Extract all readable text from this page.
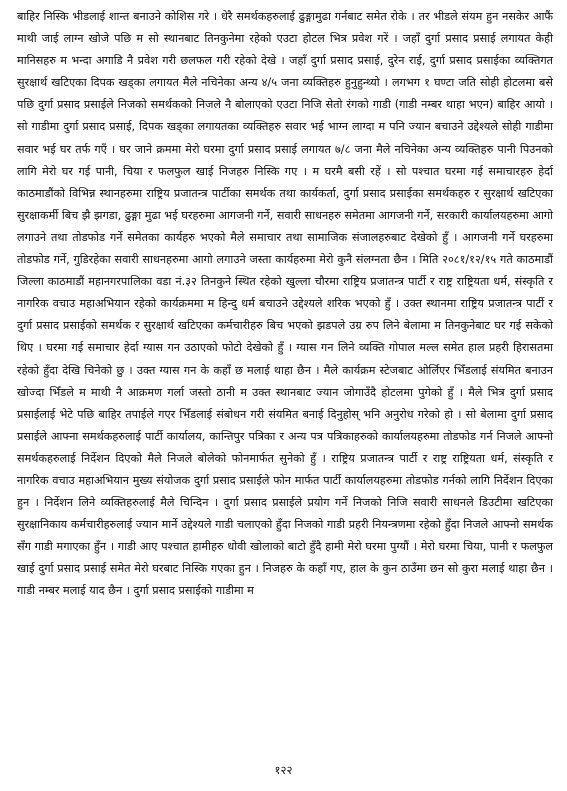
बाहिर निस्कि भीडलाई शान्त बनाउने कोशिस गरे । धेरै समर्थकहरुलाई ढुङ्गामुढा गर्नबाट समेत रोके । तर भीडले संयम हुन नसकेर आफैं माथी जाई लाग्न खोजे पछि म सो स्थानबाट तिनकुनेमा रहेको एउटा होटल भित्र प्रवेश गरें । जहाँ दुर्गा प्रसाद प्रसाई लगायत केही मानिसहरु म भन्दा अगाडि नै प्रवेश गरी छलफल गरी रहेको देखे । जहाँ दुर्गा प्रसाद प्रसाई, दुरेन राई, दुर्गा प्रसाद प्रसाईका व्यक्तिगत सुरक्षार्थ खटिएका दिपक खड्का लगायत मैले नचिनेका अन्य ४/५ जना व्यक्तिहरु हुनुहुन्थ्यो । लगभग १ घण्टा जति सोही होटलमा बसे पछि दुर्गा प्रसाद प्रसाईले निजको समर्थकको निजले नै बोलाएको एउटा निजि सेतो रंगको गाडी (गाडी नम्बर थाहा भएन) बाहिर आयो । सो गाडीमा दुर्गा प्रसाद प्रसाई, दिपक खड्का लगायतका व्यक्तिहरु सवार भई भाग्न लाग्दा म पनि ज्यान बचाउने उद्देश्यले सोही गाडीमा सवार भई घर तर्फ गएँ । घर जाने क्रममा मेरो घरमा दुर्गा प्रसाद प्रसाई लगायत ७/८ जना मैले नचिनेका अन्य व्यक्तिहरु पानी पिउनको लागि मेरो घर गई पानी, चिया र फलफुल खाई निजहरु निस्कि गए । म घरमै बसी रहें । सो पश्चात घरमा गई समाचारहरु हेर्दा काठमाडौंको विभिन्न स्थानहरुमा राष्ट्रिय प्रजातन्त्र पार्टीका समर्थक तथा कार्यकर्ता, दुर्गा प्रसाद प्रसाईका समर्थकहरु र सुरक्षार्थ खटिएका सुरक्षाकर्मी बिच झै झगडा, ढुङ्गा मुढा भई घरहरुमा आगजनी गर्ने, सवारी साधनहरु समेतमा आगजनी गर्ने, सरकारी कार्यालयहरुमा आगो लगाउने तथा तोडफोड गर्ने समेतका कार्यहरु भएको मैले समाचार तथा सामाजिक संजालहरुबाट देखेको हुँ । आगजनी गर्ने घरहरुमा तोडफोड गर्ने, गुडिरहेका सवारी साधनहरुमा आगो लगाउने जस्ता कार्यहरुमा मेरो कुनै संलग्नता छैन । मिति २०८१/१२/१५ गते काठमाडौं जिल्ला काठमाडौं महानगरपालिका वडा नं.३२ तिनकुने स्थित रहेको खुल्ला चौरमा राष्ट्रिय प्रजातन्त्र पार्टी र राष्ट्र राष्ट्रियता धर्म, संस्कृति र नागरिक वचाउ महाअभियान रहेको कार्यक्रममा म हिन्दु धर्म बचाउने उद्देश्यले शरिक भएको हुँ । उक्त स्थानमा राष्ट्रिय प्रजातन्त्र पार्टी र दुर्गा प्रसाद प्रसाईको समर्थक र सुरक्षार्थ खटिएका कर्मचारीहरु बिच भएको झडपले उग्र रुप लिने बेलामा म तिनकुनेबाट घर गई सकेको थिए । घरमा गई समाचार हेर्दा ग्यास गन उठाएको फोटो देखेको हुँ । ग्यास गन लिने व्यक्ति गोपाल मल्ल समेत हाल प्रहरी हिरासतमा रहेको हुँदा देखि चिनेको छु । उक्त ग्यास गन के कहाँ छ मलाई थाहा छैन । मैले कार्यक्रम स्टेजबाट ओर्लिएर भिँडलाई संयमित बनाउन खोज्दा भिँडले म माथी नै आक्रमण गर्ला जस्तो ठानी म उक्त स्थानबाट ज्यान जोगाउँदै होटलमा पुगेको हुँ । मैले भित्र दुर्गा प्रसाद प्रसाईलाई भेटे पछि बाहिर तपाईले गएर भिँडलाई संबोधन गरी संयमित बनाई दिनुहोस् भनि अनुरोध गरेको हो । सो बेलामा दुर्गा प्रसाद प्रसाईले आफ्ना समर्थकहरुलाई पार्टी कार्यालय, कान्तिपुर पत्रिका र अन्य पत्र पत्रिकाहरुको कार्यालयहरुमा तोडफोड गर्न निजले आफ्नो समर्थकहरुलाई निर्देशन दिएको मैले निजले बोलेको फोनमार्फत सुनेको हुँ । राष्ट्रिय प्रजातन्त्र पार्टी र राष्ट्र राष्ट्रियता धर्म, संस्कृति र नागरिक वचाउ महाअभियान मुख्य संयोजक दुर्गा प्रसाद प्रसाईले फोन मार्फत पार्टी कार्यालयहरुमा तोडफोड गर्नको लागि निर्देशन दिएका हुन । निर्देशन लिने व्यक्तिहरुलाई मैले चिन्दिन । दुर्गा प्रसाद प्रसाईले प्रयोग गर्ने निजको निजि सवारी साधनले डिउटीमा खटिएका सुरक्षानिकाय कर्मचारीहरुलाई ज्यान मार्ने उद्देश्यले गाडी चलाएको हुँदा निजको गाडी प्रहरी नियन्त्रणमा रहेको हुँदा निजले आफ्नो समर्थक सँग गाडी मगाएका हुँन । गाडी आए पश्चात हामीहरु धोवी खोलाको बाटो हुँदै हामी मेरो घरमा पुग्यौं । मेरो घरमा चिया, पानी र फलफुल खाई दुर्गा प्रसाद प्रसाई समेत मेरो घरबाट निस्कि गएका हुन । निजहरु के कहाँ गए, हाल के कुन ठाउँमा छन सो कुरा मलाई थाहा छैन । गाडी नम्बर मलाई याद छैन । दुर्गा प्रसाद प्रसाईको गाडीमा म

१२२
